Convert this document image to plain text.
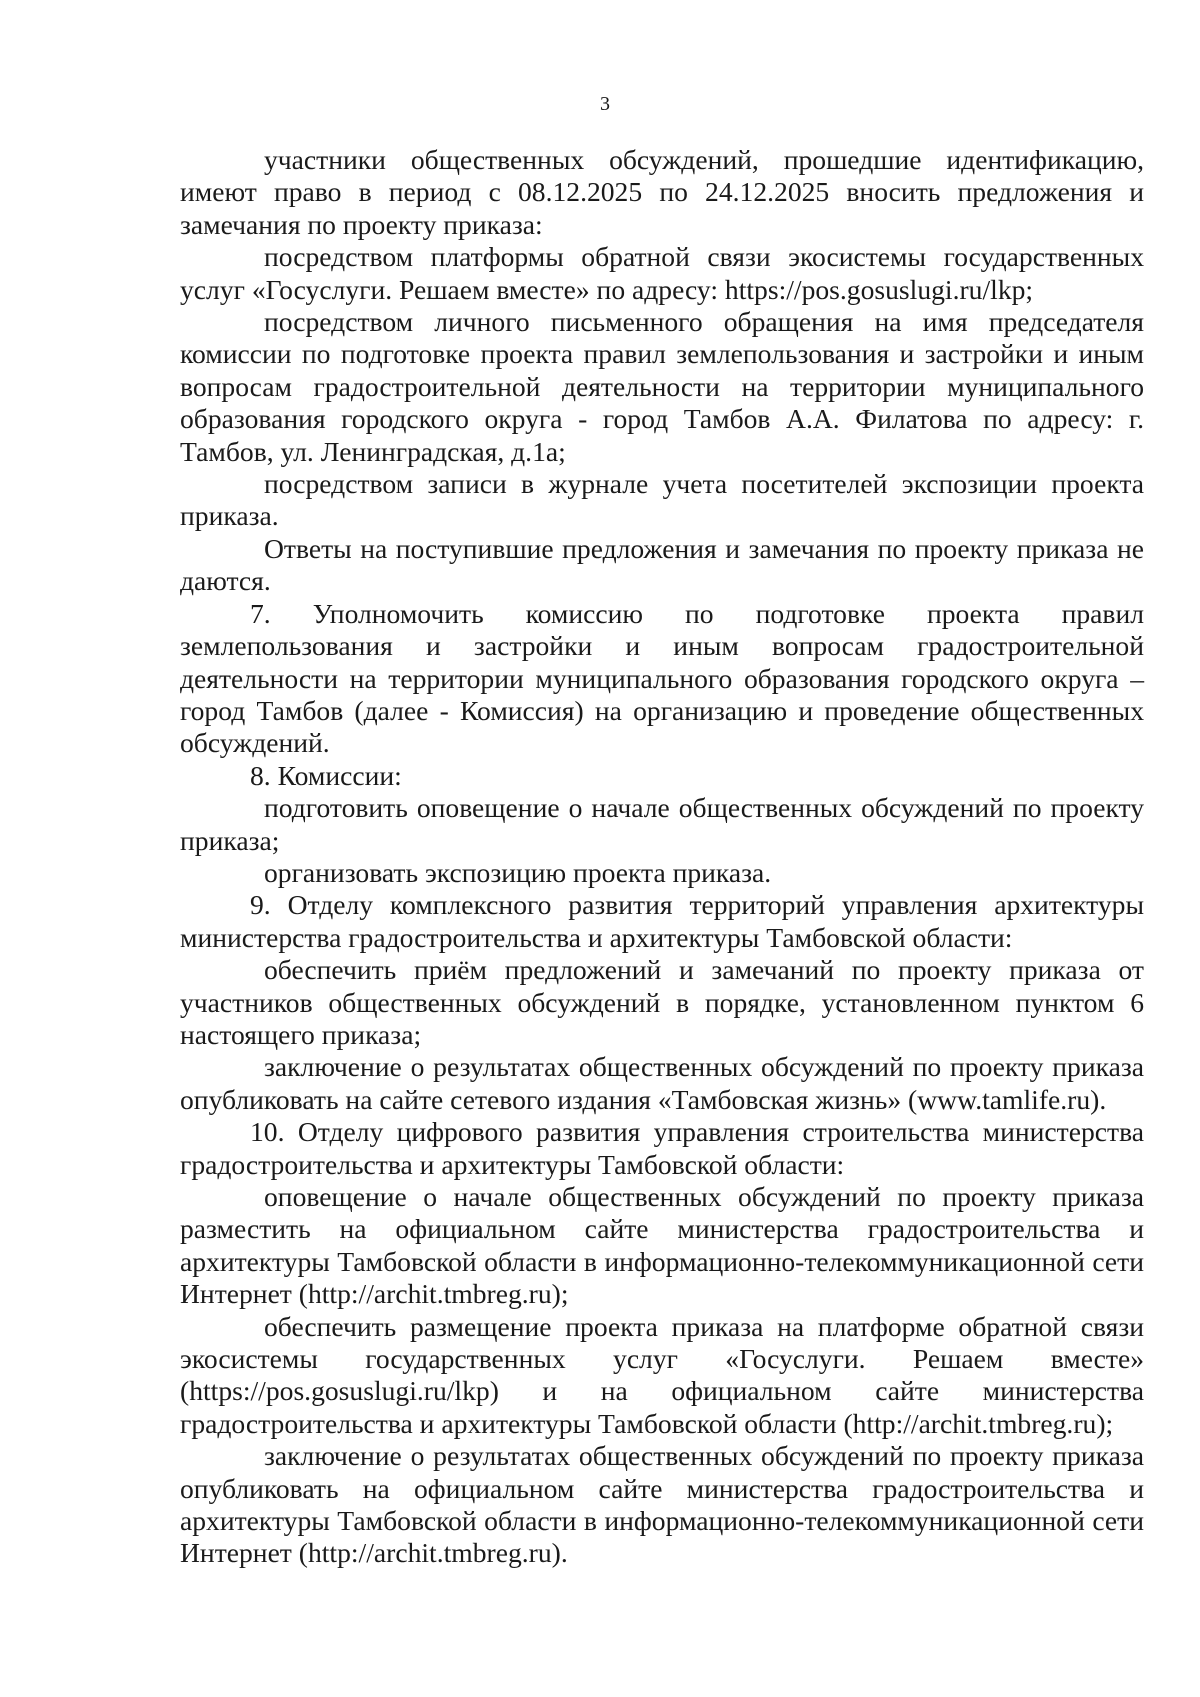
3

участники общественных обсуждений, прошедшие идентификацию, имеют право в период с 08.12.2025 по 24.12.2025 вносить предложения и замечания по проекту приказа:

посредством платформы обратной связи экосистемы государственных услуг «Госуслуги. Решаем вместе» по адресу: https://pos.gosuslugi.ru/lkp;

посредством личного письменного обращения на имя председателя комиссии по подготовке проекта правил землепользования и застройки и иным вопросам градостроительной деятельности на территории муниципального образования городского округа - город Тамбов А.А. Филатова по адресу: г. Тамбов, ул. Ленинградская, д.1а;

посредством записи в журнале учета посетителей экспозиции проекта приказа.

Ответы на поступившие предложения и замечания по проекту приказа не даются.

7. Уполномочить комиссию по подготовке проекта правил землепользования и застройки и иным вопросам градостроительной деятельности на территории муниципального образования городского округа – город Тамбов (далее - Комиссия) на организацию и проведение общественных обсуждений.

8. Комиссии:

подготовить оповещение о начале общественных обсуждений по проекту приказа;

организовать экспозицию проекта приказа.

9. Отделу комплексного развития территорий управления архитектуры министерства градостроительства и архитектуры Тамбовской области:

обеспечить приём предложений и замечаний по проекту приказа от участников общественных обсуждений в порядке, установленном пунктом 6 настоящего приказа;

заключение о результатах общественных обсуждений по проекту приказа опубликовать на сайте сетевого издания «Тамбовская жизнь» (www.tamlife.ru).

10. Отделу цифрового развития управления строительства министерства градостроительства и архитектуры Тамбовской области:

оповещение о начале общественных обсуждений по проекту приказа разместить на официальном сайте министерства градостроительства и архитектуры Тамбовской области в информационно-телекоммуникационной сети Интернет (http://archit.tmbreg.ru);

обеспечить размещение проекта приказа на платформе обратной связи экосистемы государственных услуг «Госуслуги. Решаем вместе» (https://pos.gosuslugi.ru/lkp) и на официальном сайте министерства градостроительства и архитектуры Тамбовской области (http://archit.tmbreg.ru);

заключение о результатах общественных обсуждений по проекту приказа опубликовать на официальном сайте министерства градостроительства и архитектуры Тамбовской области в информационно-телекоммуникационной сети Интернет (http://archit.tmbreg.ru).
